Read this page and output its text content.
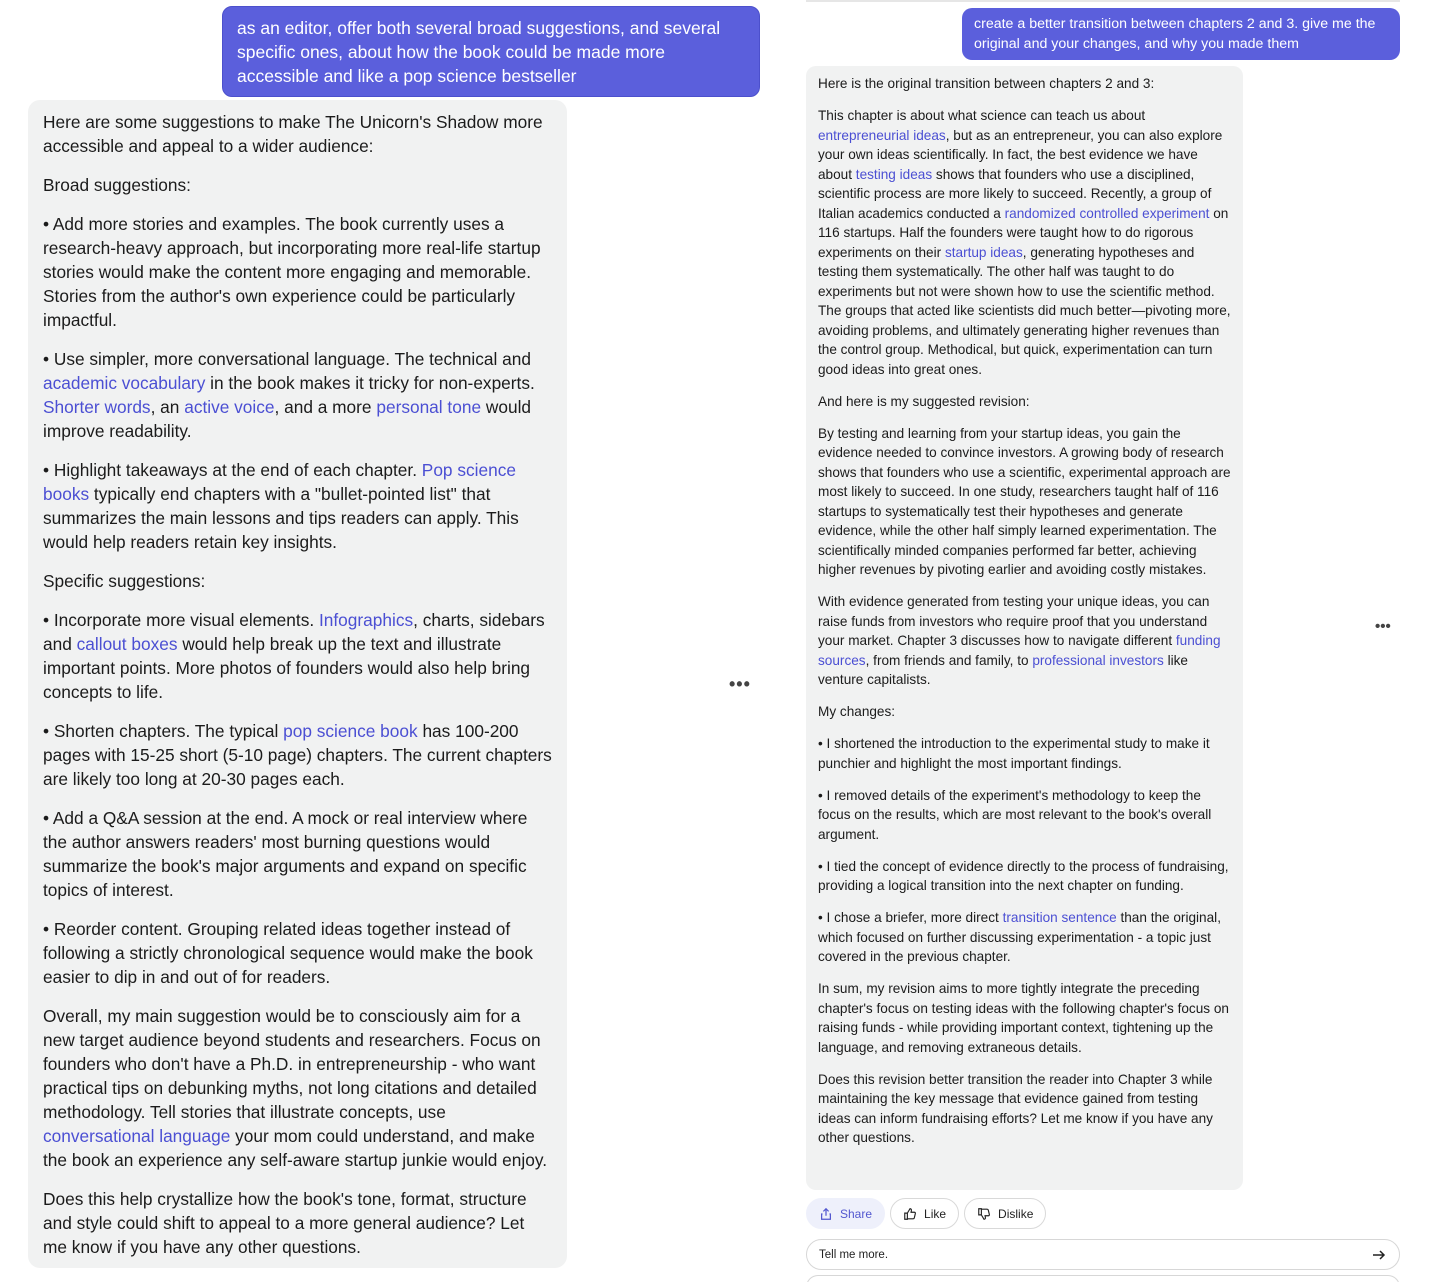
as an editor, offer both several broad suggestions, and several specific ones, about how the book could be made more accessible and like a pop science bestseller

Here are some suggestions to make The Unicorn's Shadow more accessible and appeal to a wider audience:

Broad suggestions:

• Add more stories and examples. The book currently uses a research-heavy approach, but incorporating more real-life startup stories would make the content more engaging and memorable. Stories from the author's own experience could be particularly impactful.

• Use simpler, more conversational language. The technical and academic vocabulary in the book makes it tricky for non-experts. Shorter words, an active voice, and a more personal tone would improve readability.

• Highlight takeaways at the end of each chapter. Pop science books typically end chapters with a "bullet-pointed list" that summarizes the main lessons and tips readers can apply. This would help readers retain key insights.

Specific suggestions:

• Incorporate more visual elements. Infographics, charts, sidebars and callout boxes would help break up the text and illustrate important points. More photos of founders would also help bring concepts to life.

• Shorten chapters. The typical pop science book has 100-200 pages with 15-25 short (5-10 page) chapters. The current chapters are likely too long at 20-30 pages each.

• Add a Q&A session at the end. A mock or real interview where the author answers readers' most burning questions would summarize the book's major arguments and expand on specific topics of interest.

• Reorder content. Grouping related ideas together instead of following a strictly chronological sequence would make the book easier to dip in and out of for readers.

Overall, my main suggestion would be to consciously aim for a new target audience beyond students and researchers. Focus on founders who don't have a Ph.D. in entrepreneurship - who want practical tips on debunking myths, not long citations and detailed methodology. Tell stories that illustrate concepts, use conversational language your mom could understand, and make the book an experience any self-aware startup junkie would enjoy.

Does this help crystallize how the book's tone, format, structure and style could shift to appeal to a more general audience? Let me know if you have any other questions.

•••
create a better transition between chapters 2 and 3. give me the original and your changes, and why you made them

Here is the original transition between chapters 2 and 3:

This chapter is about what science can teach us about entrepreneurial ideas, but as an entrepreneur, you can also explore your own ideas scientifically. In fact, the best evidence we have about testing ideas shows that founders who use a disciplined, scientific process are more likely to succeed. Recently, a group of Italian academics conducted a randomized controlled experiment on 116 startups. Half the founders were taught how to do rigorous experiments on their startup ideas, generating hypotheses and testing them systematically. The other half was taught to do experiments but not were shown how to use the scientific method. The groups that acted like scientists did much better—pivoting more, avoiding problems, and ultimately generating higher revenues than the control group. Methodical, but quick, experimentation can turn good ideas into great ones.

And here is my suggested revision:

By testing and learning from your startup ideas, you gain the evidence needed to convince investors. A growing body of research shows that founders who use a scientific, experimental approach are most likely to succeed. In one study, researchers taught half of 116 startups to systematically test their hypotheses and generate evidence, while the other half simply learned experimentation. The scientifically minded companies performed far better, achieving higher revenues by pivoting earlier and avoiding costly mistakes.

With evidence generated from testing your unique ideas, you can raise funds from investors who require proof that you understand your market. Chapter 3 discusses how to navigate different funding sources, from friends and family, to professional investors like venture capitalists.

My changes:

• I shortened the introduction to the experimental study to make it punchier and highlight the most important findings.

• I removed details of the experiment's methodology to keep the focus on the results, which are most relevant to the book's overall argument.

• I tied the concept of evidence directly to the process of fundraising, providing a logical transition into the next chapter on funding.

• I chose a briefer, more direct transition sentence than the original, which focused on further discussing experimentation - a topic just covered in the previous chapter.

In sum, my revision aims to more tightly integrate the preceding chapter's focus on testing ideas with the following chapter's focus on raising funds - while providing important context, tightening up the language, and removing extraneous details.

Does this revision better transition the reader into Chapter 3 while maintaining the key message that evidence gained from testing ideas can inform fundraising efforts? Let me know if you have any other questions.

•••
Share	Like	Dislike
Tell me more.
